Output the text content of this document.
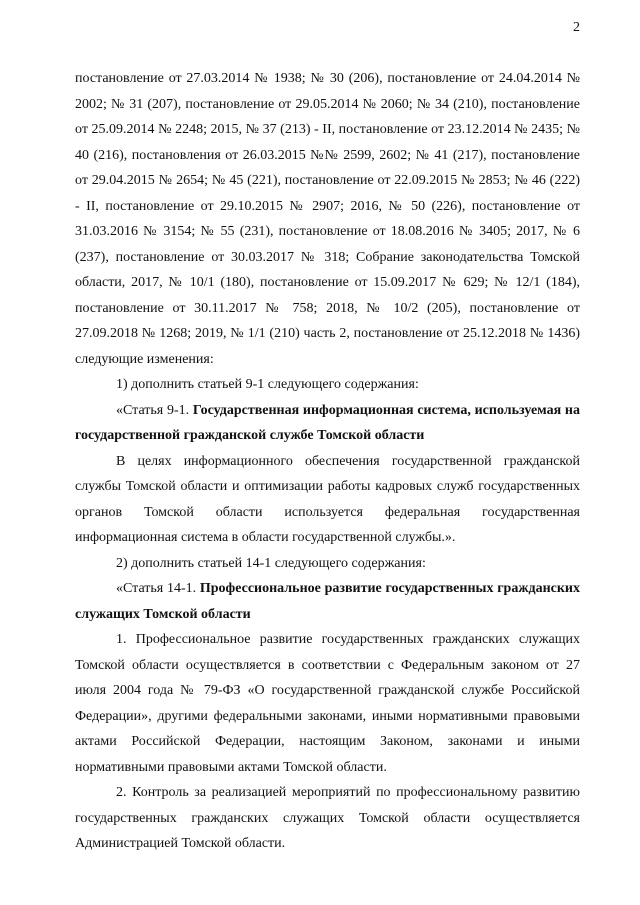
2

постановление от 27.03.2014 № 1938; № 30 (206), постановление от 24.04.2014 № 2002; № 31 (207), постановление от 29.05.2014 № 2060; № 34 (210), постановление от 25.09.2014 № 2248; 2015, № 37 (213) - II, постановление от 23.12.2014 № 2435; № 40 (216), постановления от 26.03.2015 №№ 2599, 2602; № 41 (217), постановление от 29.04.2015 № 2654; № 45 (221), постановление от 22.09.2015 № 2853; № 46 (222) - II, постановление от 29.10.2015 № 2907; 2016, № 50 (226), постановление от 31.03.2016 № 3154; № 55 (231), постановление от 18.08.2016 № 3405; 2017, № 6 (237), постановление от 30.03.2017 № 318; Собрание законодательства Томской области, 2017, № 10/1 (180), постановление от 15.09.2017 № 629; № 12/1 (184), постановление от 30.11.2017 № 758; 2018, № 10/2 (205), постановление от 27.09.2018 № 1268; 2019, № 1/1 (210) часть 2, постановление от 25.12.2018 № 1436) следующие изменения:

1) дополнить статьей 9-1 следующего содержания:

«Статья 9-1. Государственная информационная система, используемая на государственной гражданской службе Томской области

В целях информационного обеспечения государственной гражданской службы Томской области и оптимизации работы кадровых служб государственных органов Томской области используется федеральная государственная информационная система в области государственной службы.».

2) дополнить статьей 14-1 следующего содержания:

«Статья 14-1. Профессиональное развитие государственных гражданских служащих Томской области

1. Профессиональное развитие государственных гражданских служащих Томской области осуществляется в соответствии с Федеральным законом от 27 июля 2004 года № 79-ФЗ «О государственной гражданской службе Российской Федерации», другими федеральными законами, иными нормативными правовыми актами Российской Федерации, настоящим Законом, законами и иными нормативными правовыми актами Томской области.

2. Контроль за реализацией мероприятий по профессиональному развитию государственных гражданских служащих Томской области осуществляется Администрацией Томской области.
